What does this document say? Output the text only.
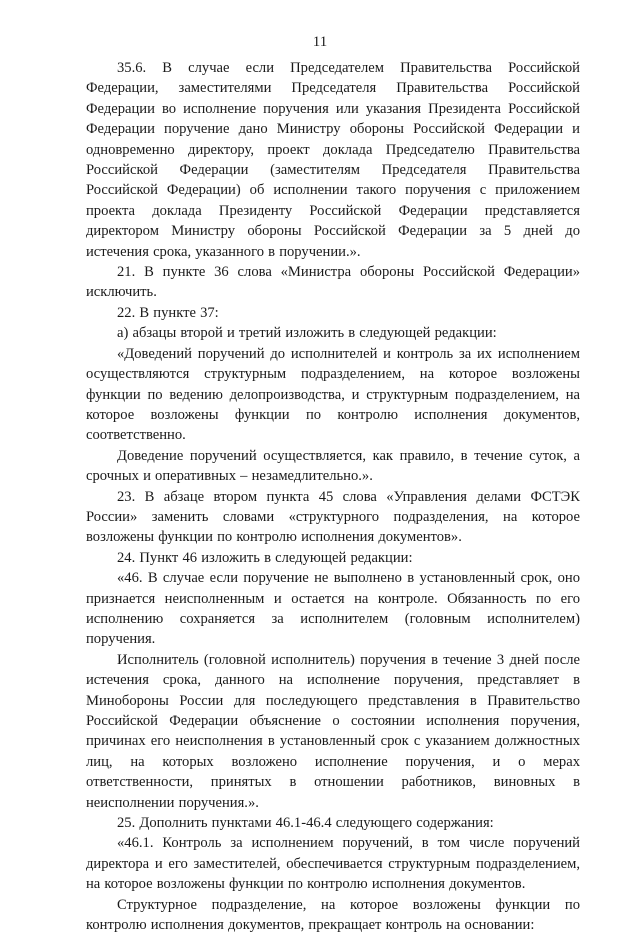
11

35.6. В случае если Председателем Правительства Российской Федерации, заместителями Председателя Правительства Российской Федерации во исполнение поручения или указания Президента Российской Федерации поручение дано Министру обороны Российской Федерации и одновременно директору, проект доклада Председателю Правительства Российской Федерации (заместителям Председателя Правительства Российской Федерации) об исполнении такого поручения с приложением проекта доклада Президенту Российской Федерации представляется директором Министру обороны Российской Федерации за 5 дней до истечения срока, указанного в поручении.».

21. В пункте 36 слова «Министра обороны Российской Федерации» исключить.

22. В пункте 37:

а) абзацы второй и третий изложить в следующей редакции:

«Доведений поручений до исполнителей и контроль за их исполнением осуществляются структурным подразделением, на которое возложены функции по ведению делопроизводства, и структурным подразделением, на которое возложены функции по контролю исполнения документов, соответственно.

Доведение поручений осуществляется, как правило, в течение суток, а срочных и оперативных – незамедлительно.».

23. В абзаце втором пункта 45 слова «Управления делами ФСТЭК России» заменить словами «структурного подразделения, на которое возложены функции по контролю исполнения документов».

24. Пункт 46 изложить в следующей редакции:

«46. В случае если поручение не выполнено в установленный срок, оно признается неисполненным и остается на контроле. Обязанность по его исполнению сохраняется за исполнителем (головным исполнителем) поручения.

Исполнитель (головной исполнитель) поручения в течение 3 дней после истечения срока, данного на исполнение поручения, представляет в Минобороны России для последующего представления в Правительство Российской Федерации объяснение о состоянии исполнения поручения, причинах его неисполнения в установленный срок с указанием должностных лиц, на которых возложено исполнение поручения, и о мерах ответственности, принятых в отношении работников, виновных в неисполнении поручения.».

25. Дополнить пунктами 46.1-46.4 следующего содержания:

«46.1. Контроль за исполнением поручений, в том числе поручений директора и его заместителей, обеспечивается структурным подразделением, на которое возложены функции по контролю исполнения документов.

Структурное подразделение, на которое возложены функции по контролю исполнения документов, прекращает контроль на основании:
